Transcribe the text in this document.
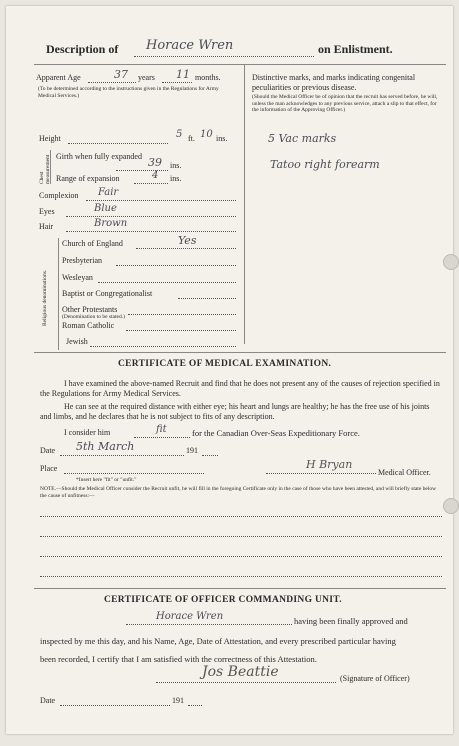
Description of Horace Wren	on Enlistment.
Apparent Age	37 years 11 months.
(To be determined according to the instructions given in the Regulations for Army Medical Services.)
Height	5 ft. 10 ins.
Chest measurement Girth when fully expanded 39 ins.
Range of expansion	4 ins.
Complexion Fair
Eyes	Blue
Hair	Brown
Religious denominations.
Church of England	Yes
Presbyterian
Wesleyan
Baptist or Congregationalist
Other Protestants
(Denomination to be stated.)
Roman Catholic
Jewish
Distinctive marks, and marks indicating congenital peculiarities or previous disease.
(Should the Medical Officer be of opinion that the recruit has served before, he will, unless the man acknowledges to any previous service, attach a slip to that effect, for the information of the Approving Officer.)
5 Vac marks
Tatoo right forearm
CERTIFICATE OF MEDICAL EXAMINATION.
I have examined the above-named Recruit and find that he does not present any of the causes of rejection specified in the Regulations for Army Medical Services.
He can see at the required distance with either eye; his heart and lungs are healthy; he has the free use of his joints and limbs, and he declares that he is not subject to fits of any description.
I consider him	fit	for the Canadian Over-Seas Expeditionary Force.
Date 5th March	191
Place	H Bryan
Medical Officer.
*Insert here "fit" or "unfit."
NOTE.—Should the Medical Officer consider the Recruit unfit, he will fill in the foregoing Certificate only in the case of those who have been attested, and will briefly state below the cause of unfitness:—
CERTIFICATE OF OFFICER COMMANDING UNIT.
Horace Wren	having been finally approved and
inspected by me this day, and his Name, Age, Date of Attestation, and every prescribed particular having
been recorded, I certify that I am satisfied with the correctness of this Attestation.
Jos Beattie	(Signature of Officer)
Date	191
